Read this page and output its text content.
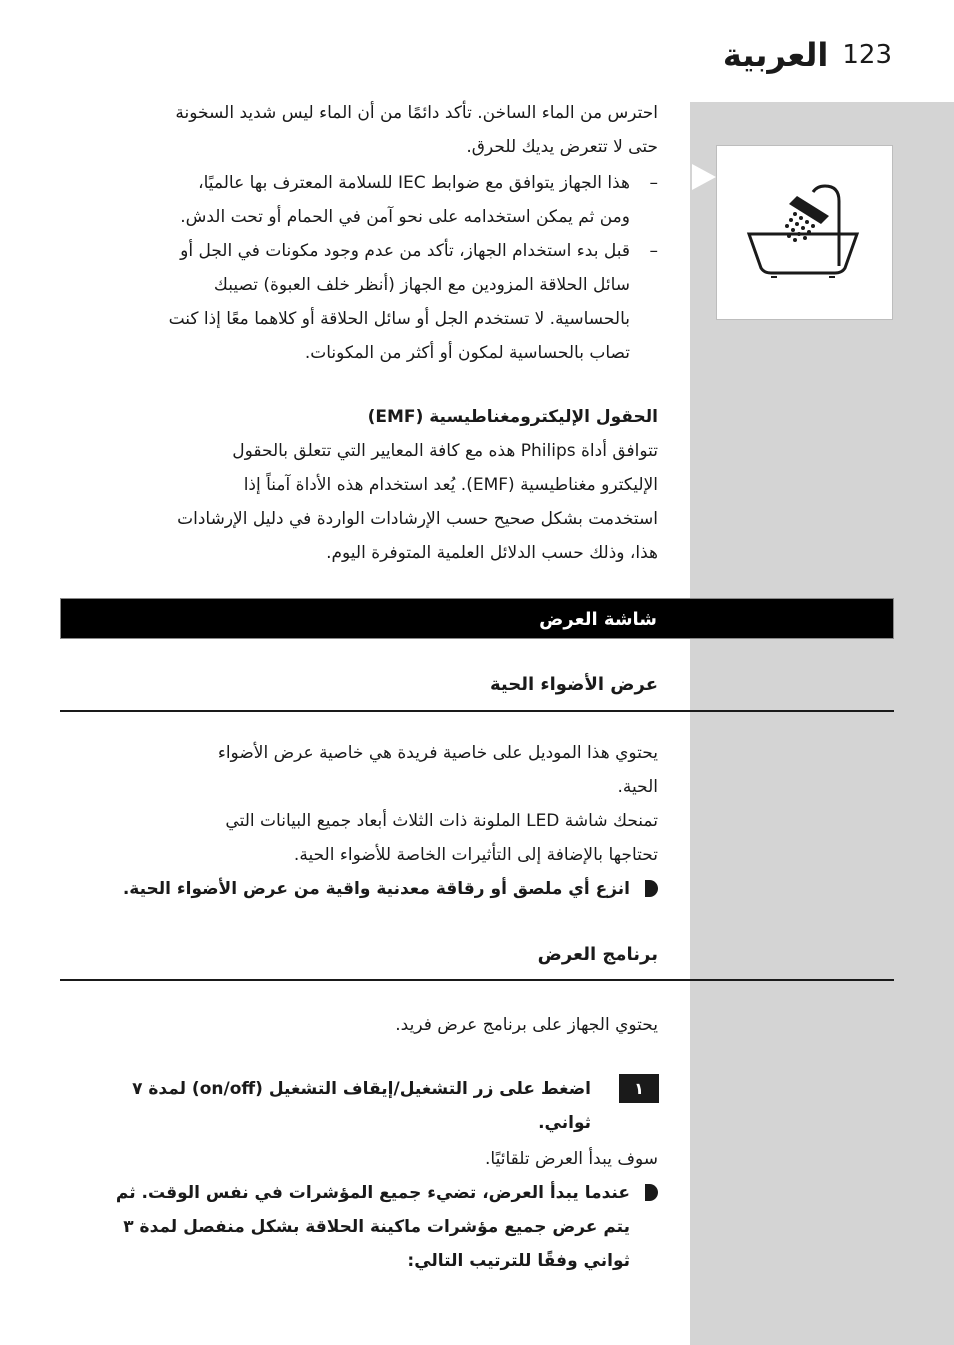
العربية 123
احترس من الماء الساخن. تأكد دائمًا من أن الماء ليس شديد السخونة
حتى لا تتعرض يديك للحرق.
–
هذا الجهاز يتوافق مع ضوابط IEC للسلامة المعترف بها عالميًا،
ومن ثم يمكن استخدامه على نحو آمن في الحمام أو تحت الدش.
–
قبل بدء استخدام الجهاز، تأكد من عدم وجود مكونات في الجل أو
سائل الحلاقة المزودين مع الجهاز (أنظر خلف العبوة) تصيبك
بالحساسية. لا تستخدم الجل أو سائل الحلاقة أو كلاهما معًا إذا كنت
تصاب بالحساسية لمكون أو أكثر من المكونات.
الحقول الإليكترومغناطيسية (EMF)
تتوافق أداة Philips هذه مع كافة المعايير التي تتعلق بالحقول
الإليكترو مغناطيسية (EMF). يُعد استخدام هذه الأداة آمناً إذا
استخدمت بشكل صحيح حسب الإرشادات الواردة في دليل الإرشادات
هذا، وذلك حسب الدلائل العلمية المتوفرة اليوم.
شاشة العرض
عرض الأضواء الحية
يحتوي هذا الموديل على خاصية فريدة هي خاصية عرض الأضواء
الحية.
تمنحك شاشة LED الملونة ذات الثلاث أبعاد جميع البيانات التي
تحتاجها بالإضافة إلى التأثيرات الخاصة للأضواء الحية.
انزع أي ملصق أو رقاقة معدنية واقية من عرض الأضواء الحية.
برنامج العرض
يحتوي الجهاز على برنامج عرض فريد.
١
اضغط على زر التشغيل/إيقاف التشغيل (on/off) لمدة ٧
ثواني.
سوف يبدأ العرض تلقائيًا.
عندما يبدأ العرض، تضيء جميع المؤشرات في نفس الوقت. ثم
يتم عرض جميع مؤشرات ماكينة الحلاقة بشكل منفصل لمدة ٣
ثواني وفقًا للترتيب التالي:
